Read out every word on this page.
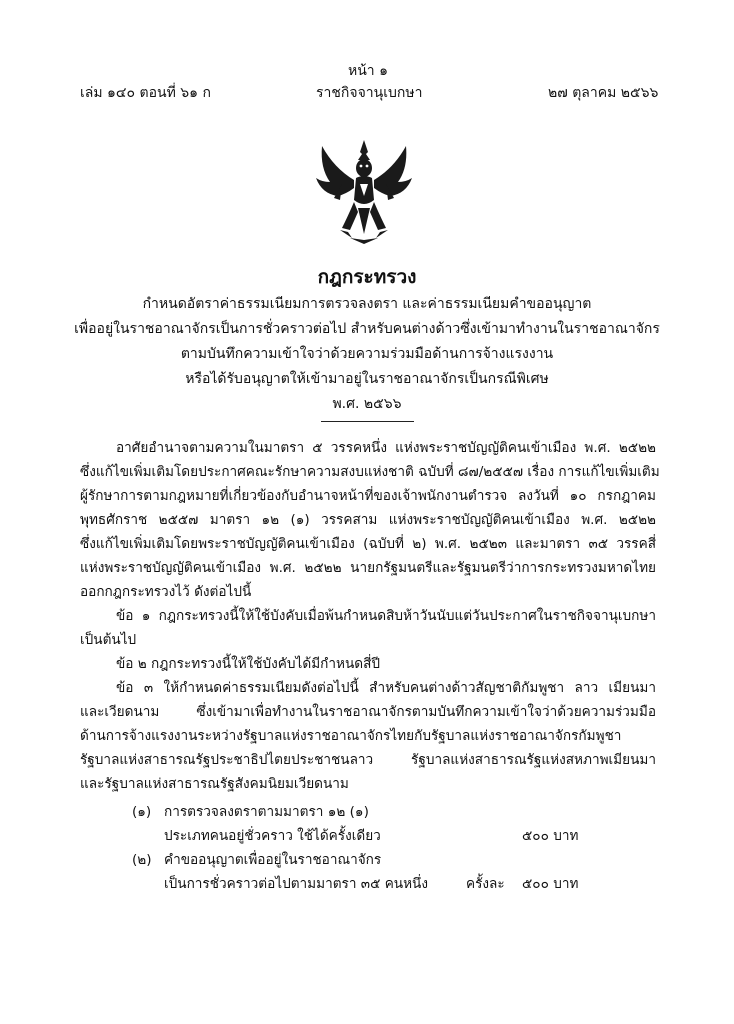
หน้า ๑
เล่ม ๑๔๐ ตอนที่ ๖๑ ก	ราชกิจจานุเบกษา	๒๗ ตุลาคม ๒๕๖๖
กฎกระทรวง
กำหนดอัตราค่าธรรมเนียมการตรวจลงตรา และค่าธรรมเนียมคำขออนุญาต
เพื่ออยู่ในราชอาณาจักรเป็นการชั่วคราวต่อไป สำหรับคนต่างด้าวซึ่งเข้ามาทำงานในราชอาณาจักร
ตามบันทึกความเข้าใจว่าด้วยความร่วมมือด้านการจ้างแรงงาน
หรือได้รับอนุญาตให้เข้ามาอยู่ในราชอาณาจักรเป็นกรณีพิเศษ
พ.ศ. ๒๕๖๖
อาศัยอำนาจตามความในมาตรา ๕ วรรคหนึ่ง แห่งพระราชบัญญัติคนเข้าเมือง พ.ศ. ๒๕๒๒
ซึ่งแก้ไขเพิ่มเติมโดยประกาศคณะรักษาความสงบแห่งชาติ ฉบับที่ ๘๗/๒๕๕๗ เรื่อง การแก้ไขเพิ่มเติม
ผู้รักษาการตามกฎหมายที่เกี่ยวข้องกับอำนาจหน้าที่ของเจ้าพนักงานตำรวจ ลงวันที่ ๑๐ กรกฎาคม
พุทธศักราช ๒๕๕๗ มาตรา ๑๒ (๑) วรรคสาม แห่งพระราชบัญญัติคนเข้าเมือง พ.ศ. ๒๕๒๒
ซึ่งแก้ไขเพิ่มเติมโดยพระราชบัญญัติคนเข้าเมือง (ฉบับที่ ๒) พ.ศ. ๒๕๒๓ และมาตรา ๓๕ วรรคสี่
แห่งพระราชบัญญัติคนเข้าเมือง พ.ศ. ๒๕๒๒ นายกรัฐมนตรีและรัฐมนตรีว่าการกระทรวงมหาดไทย
ออกกฎกระทรวงไว้ ดังต่อไปนี้
ข้อ ๑ กฎกระทรวงนี้ให้ใช้บังคับเมื่อพ้นกำหนดสิบห้าวันนับแต่วันประกาศในราชกิจจานุเบกษา
เป็นต้นไป
ข้อ ๒ กฎกระทรวงนี้ให้ใช้บังคับได้มีกำหนดสี่ปี
ข้อ ๓ ให้กำหนดค่าธรรมเนียมดังต่อไปนี้ สำหรับคนต่างด้าวสัญชาติกัมพูชา ลาว เมียนมา
และเวียดนาม ซึ่งเข้ามาเพื่อทำงานในราชอาณาจักรตามบันทึกความเข้าใจว่าด้วยความร่วมมือ
ด้านการจ้างแรงงานระหว่างรัฐบาลแห่งราชอาณาจักรไทยกับรัฐบาลแห่งราชอาณาจักรกัมพูชา
รัฐบาลแห่งสาธารณรัฐประชาธิปไตยประชาชนลาว รัฐบาลแห่งสาธารณรัฐแห่งสหภาพเมียนมา
และรัฐบาลแห่งสาธารณรัฐสังคมนิยมเวียดนาม
(๑) การตรวจลงตราตามมาตรา ๑๒ (๑)
ประเภทคนอยู่ชั่วคราว ใช้ได้ครั้งเดียว	๕๐๐ บาท
(๒) คำขออนุญาตเพื่ออยู่ในราชอาณาจักร
เป็นการชั่วคราวต่อไปตามมาตรา ๓๕ คนหนึ่ง	ครั้งละ ๕๐๐ บาท
